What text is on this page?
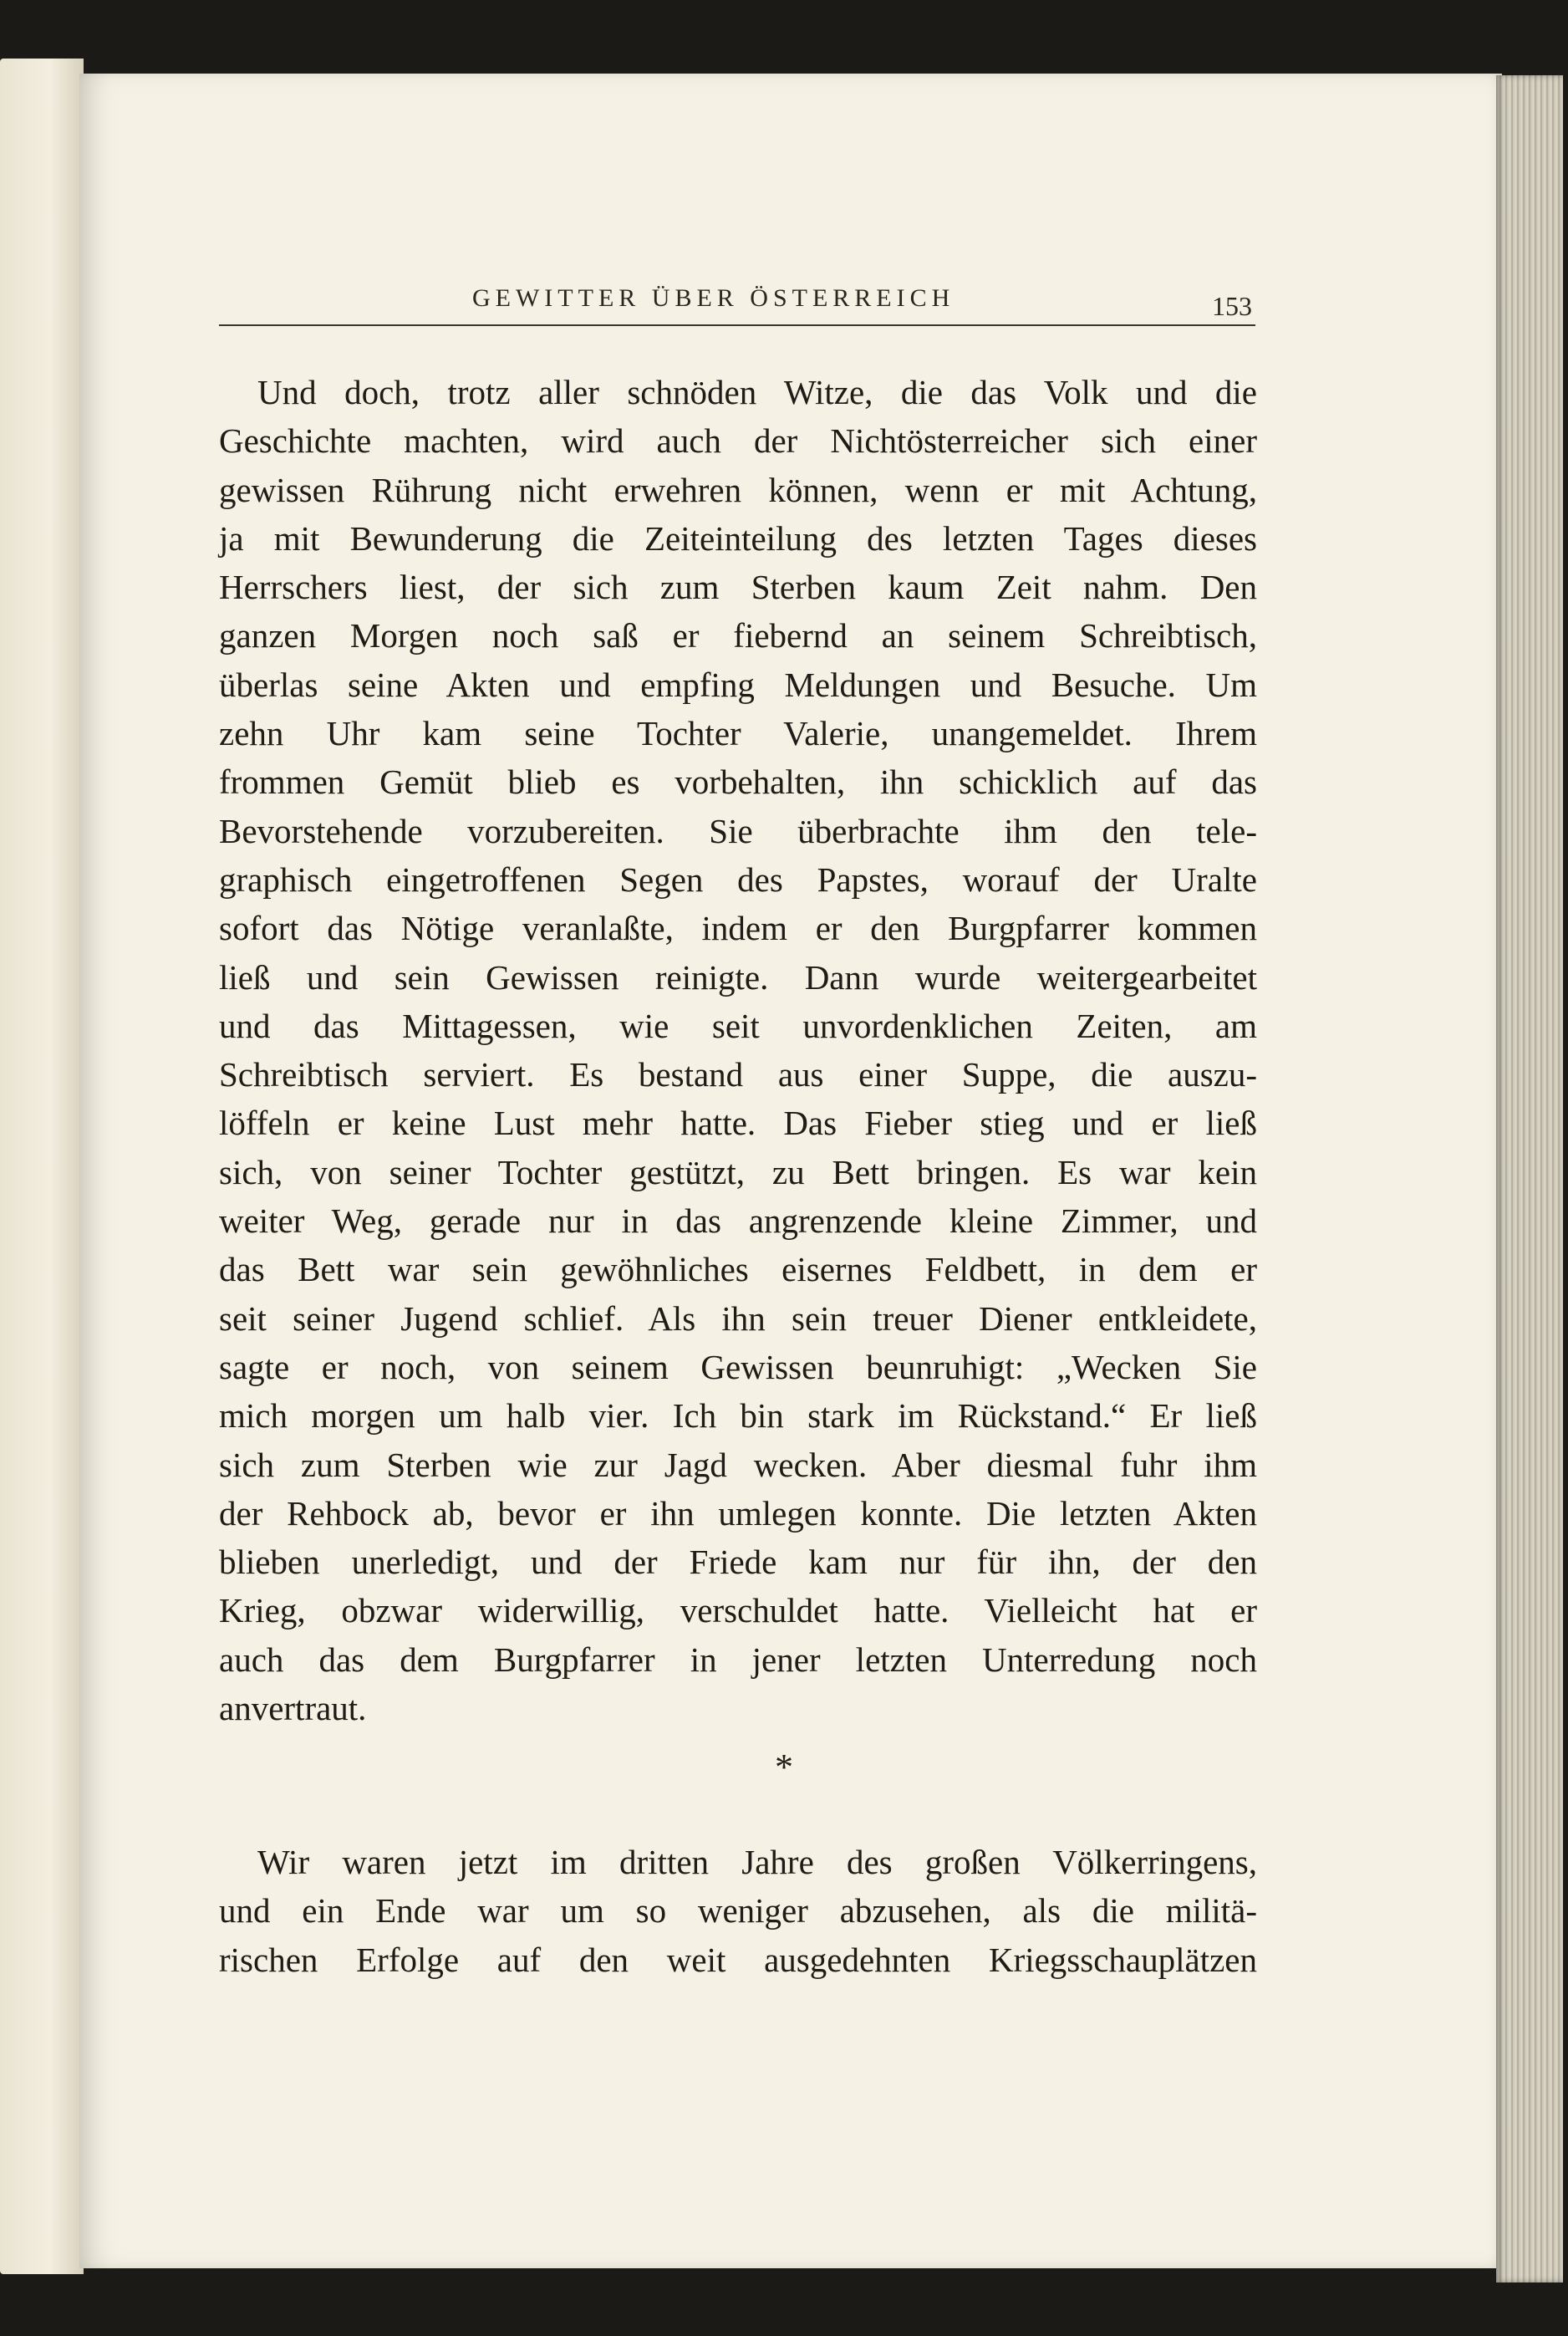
GEWITTER ÜBER ÖSTERREICH	153
Und doch, trotz aller schnöden Witze, die das Volk und die
Geschichte machten, wird auch der Nichtösterreicher sich einer
gewissen Rührung nicht erwehren können, wenn er mit Achtung,
ja mit Bewunderung die Zeiteinteilung des letzten Tages dieses
Herrschers liest, der sich zum Sterben kaum Zeit nahm. Den
ganzen Morgen noch saß er fiebernd an seinem Schreibtisch,
überlas seine Akten und empfing Meldungen und Besuche. Um
zehn Uhr kam seine Tochter Valerie, unangemeldet. Ihrem
frommen Gemüt blieb es vorbehalten, ihn schicklich auf das
Bevorstehende vorzubereiten. Sie überbrachte ihm den tele-
graphisch eingetroffenen Segen des Papstes, worauf der Uralte
sofort das Nötige veranlaßte, indem er den Burgpfarrer kommen
ließ und sein Gewissen reinigte. Dann wurde weitergearbeitet
und das Mittagessen, wie seit unvordenklichen Zeiten, am
Schreibtisch serviert. Es bestand aus einer Suppe, die auszu-
löffeln er keine Lust mehr hatte. Das Fieber stieg und er ließ
sich, von seiner Tochter gestützt, zu Bett bringen. Es war kein
weiter Weg, gerade nur in das angrenzende kleine Zimmer, und
das Bett war sein gewöhnliches eisernes Feldbett, in dem er
seit seiner Jugend schlief. Als ihn sein treuer Diener entkleidete,
sagte er noch, von seinem Gewissen beunruhigt: „Wecken Sie
mich morgen um halb vier. Ich bin stark im Rückstand.“ Er ließ
sich zum Sterben wie zur Jagd wecken. Aber diesmal fuhr ihm
der Rehbock ab, bevor er ihn umlegen konnte. Die letzten Akten
blieben unerledigt, und der Friede kam nur für ihn, der den
Krieg, obzwar widerwillig, verschuldet hatte. Vielleicht hat er
auch das dem Burgpfarrer in jener letzten Unterredung noch
anvertraut.
*
Wir waren jetzt im dritten Jahre des großen Völkerringens,
und ein Ende war um so weniger abzusehen, als die militä-
rischen Erfolge auf den weit ausgedehnten Kriegsschauplätzen
